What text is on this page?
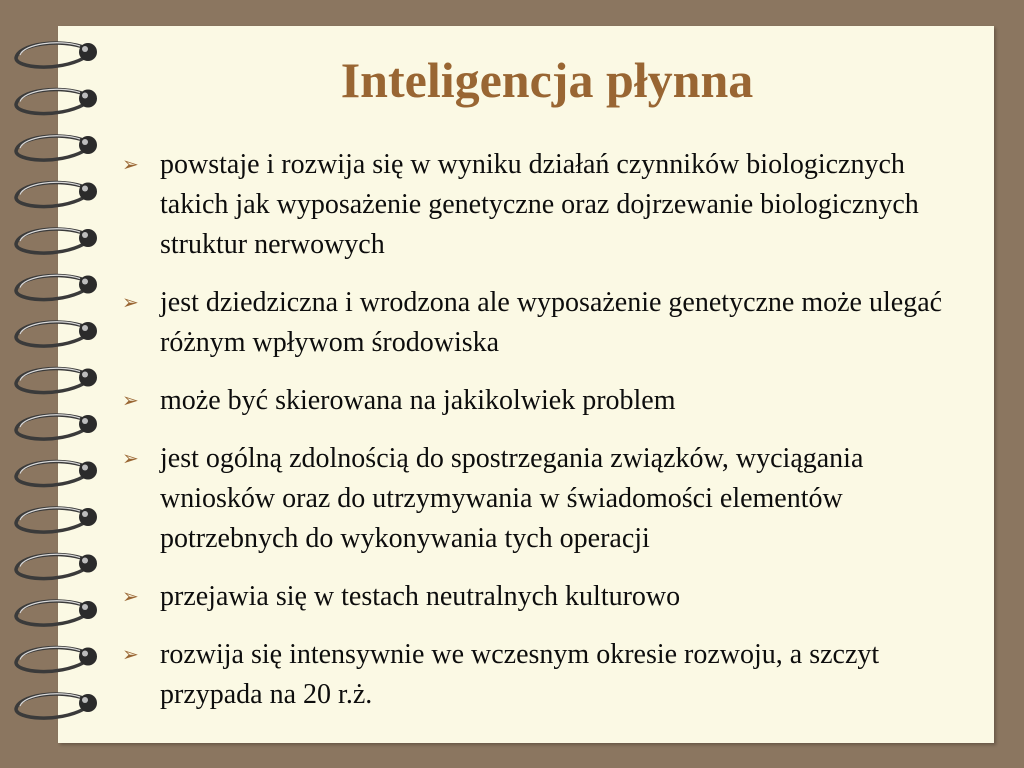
Inteligencja płynna
➢ powstaje i rozwija się w wyniku działań czynników biologicznych takich jak wyposażenie genetyczne oraz dojrzewanie biologicznych struktur nerwowych
➢ jest dziedziczna i wrodzona ale wyposażenie genetyczne może ulegać różnym wpływom środowiska
➢ może być skierowana na jakikolwiek problem
➢ jest ogólną zdolnością do spostrzegania związków, wyciągania wniosków oraz do utrzymywania w świadomości elementów potrzebnych do wykonywania tych operacji
➢ przejawia się w testach neutralnych kulturowo
➢ rozwija się intensywnie we wczesnym okresie rozwoju, a szczyt przypada na 20 r.ż.
